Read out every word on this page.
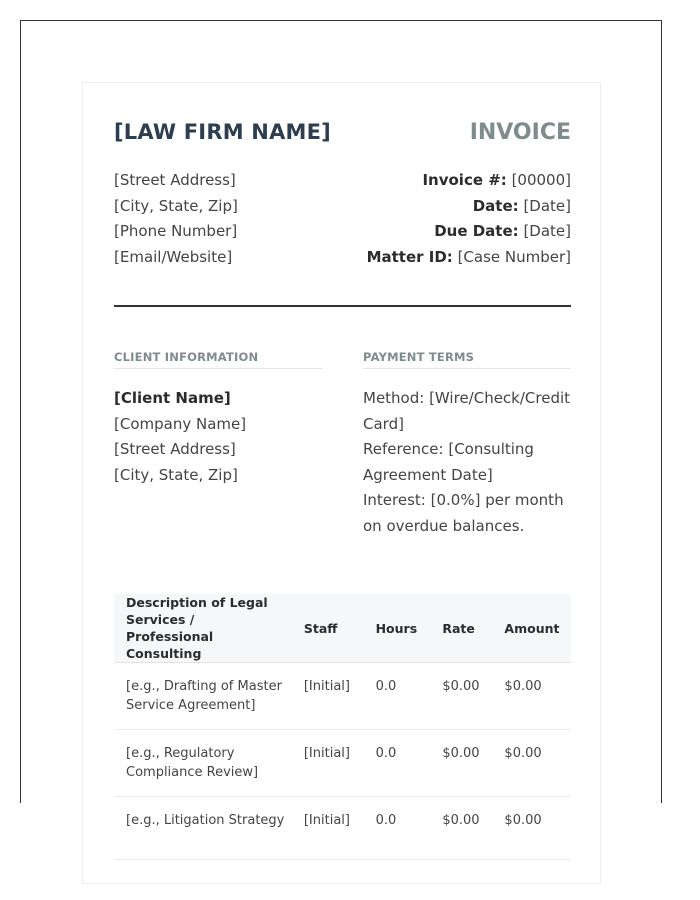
[LAW FIRM NAME]	INVOICE
[Street Address]
[City, State, Zip]
[Phone Number]
[Email/Website]
Invoice #: [00000]
Date: [Date]
Due Date: [Date]
Matter ID: [Case Number]
CLIENT INFORMATION	PAYMENT TERMS
[Client Name]
[Company Name]
[Street Address]
[City, State, Zip]
Method: [Wire/Check/Credit Card]
Reference: [Consulting Agreement Date]
Interest: [0.0%] per month on overdue balances.
Description of Legal Services / Professional Consulting	Staff	Hours	Rate	Amount
[e.g., Drafting of Master Service Agreement]	[Initial]	0.0	$0.00	$0.00
[e.g., Regulatory Compliance Review]	[Initial]	0.0	$0.00	$0.00
[e.g., Litigation Strategy	[Initial]	0.0	$0.00	$0.00
